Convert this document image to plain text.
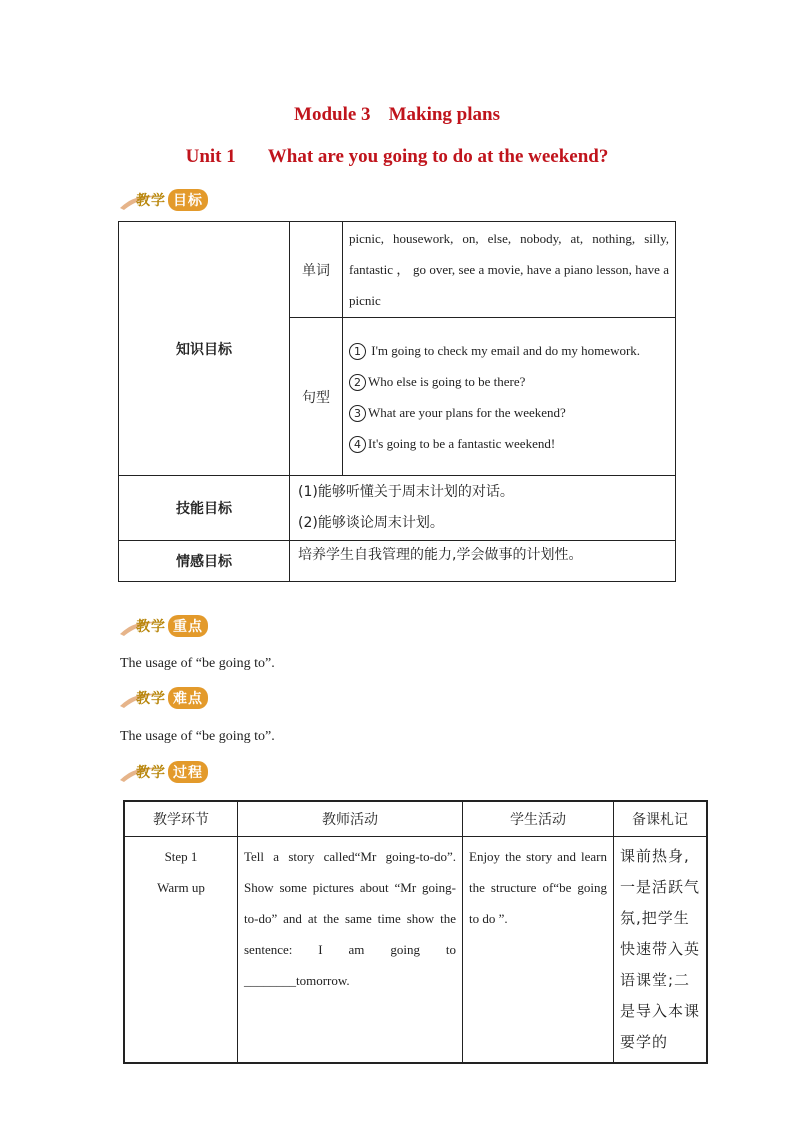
Module 3 Making plans
Unit 1 What are you going to do at the weekend?
教学 目标
知识目标	单词	picnic, housework, on, else, nobody, at, nothing, silly, fantastic ， go over, see a movie, have a piano lesson, have a picnic
	句型	1 I'm going to check my email and do my homework.
2 Who else is going to be there?
3 What are your plans for the weekend?
4 It's going to be a fantastic weekend!

技能目标	(1)能够听懂关于周末计划的对话。
(2)能够谈论周末计划。	

情感目标	培养学生自我管理的能力,学会做事的计划性。	
教学 重点
The usage of “be going to”.
教学 难点
The usage of “be going to”.
教学 过程
教学环节	教师活动	学生活动	备课札记

Step 1
Warm up	Tell a story called“Mr going-to-do”. Show some pictures about “Mr going-to-do” and at the same time show the sentence: I am going to ________tomorrow.	Enjoy the story and learn the structure of“be going to do ”.	课前热身,一是活跃气氛,把学生快速带入英语课堂;二是导入本课要学的
